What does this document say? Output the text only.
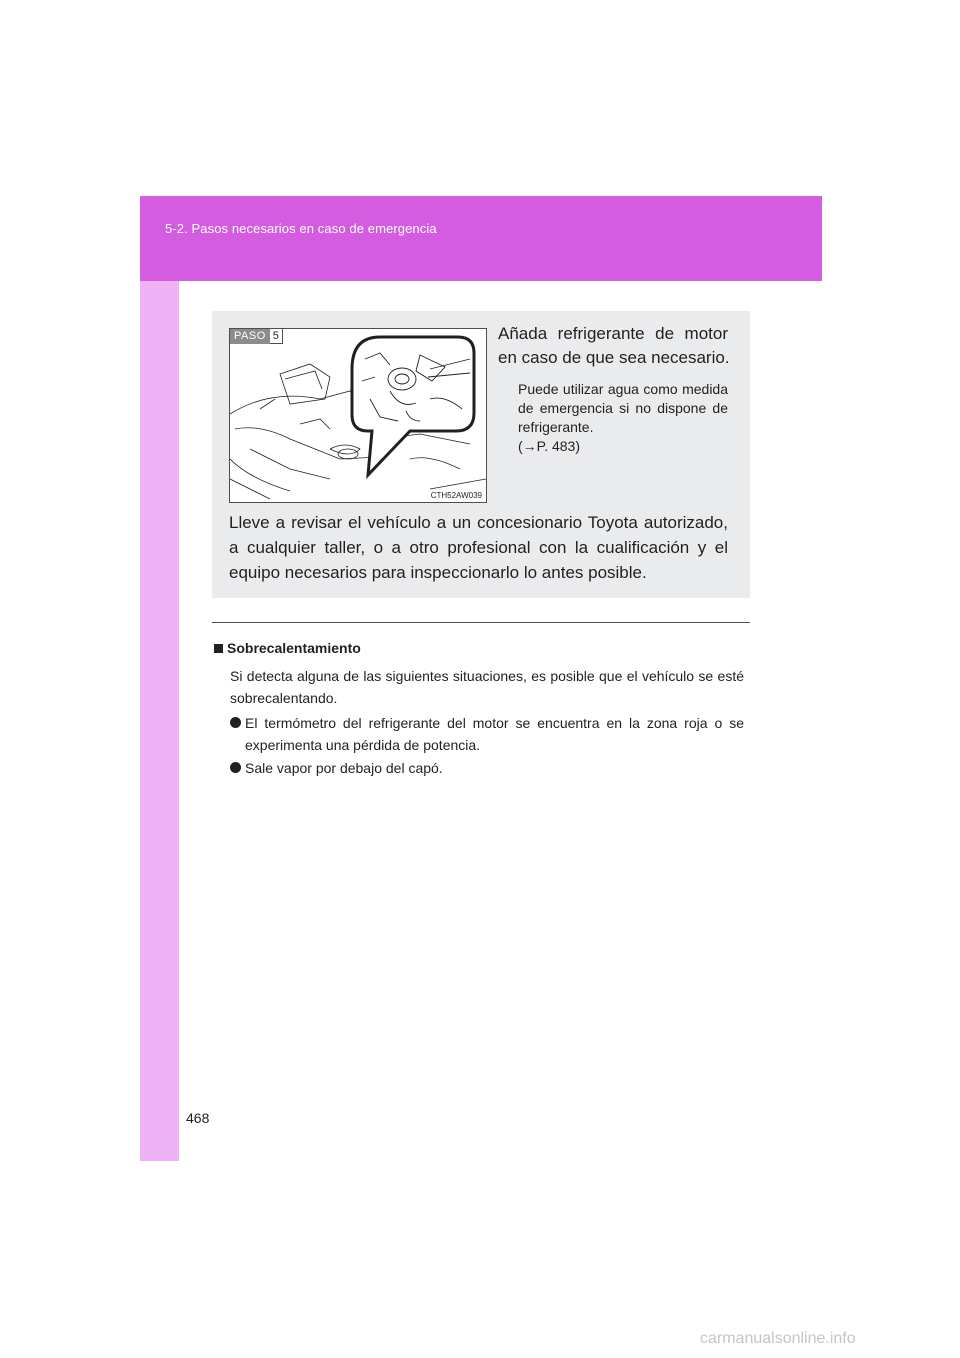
5-2. Pasos necesarios en caso de emergencia
PASO 5
CTH52AW039
Añada refrigerante de motor
en caso de que sea necesario.
Puede utilizar agua como medida de emergencia si no dispone de refrigerante.
(→P. 483)
Lleve a revisar el vehículo a un concesionario Toyota autorizado, a cualquier taller, o a otro profesional con la cualificación y el equipo necesarios para inspeccionarlo lo antes posible.
Sobrecalentamiento
Si detecta alguna de las siguientes situaciones, es posible que el vehículo se esté sobrecalentando.
El termómetro del refrigerante del motor se encuentra en la zona roja o se experimenta una pérdida de potencia.
Sale vapor por debajo del capó.
468
carmanualsonline.info
